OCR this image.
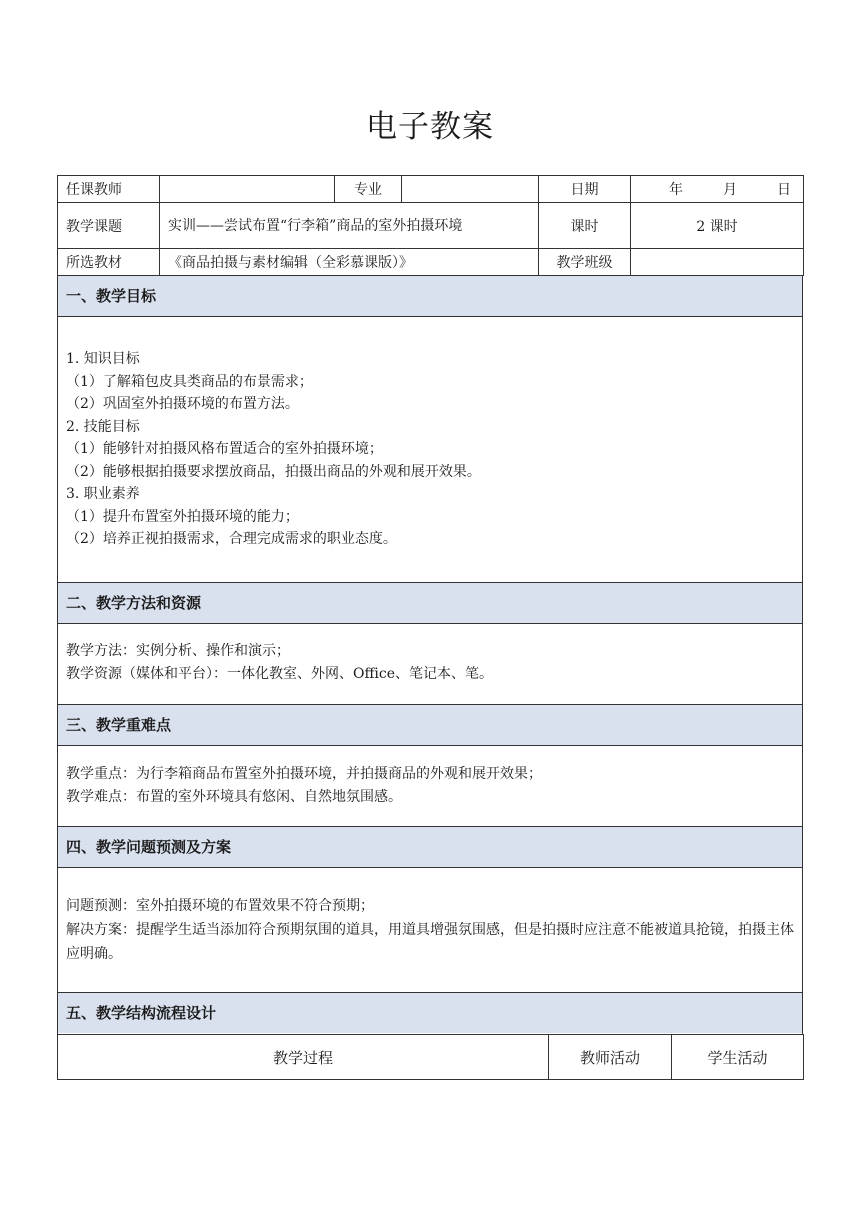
电子教案
任课教师		专业		日期	年 月 日

教学课题	实训——尝试布置“行李箱”商品的室外拍摄环境			课时	2 课时
所选教材	《商品拍摄与素材编辑（全彩慕课版）》			教学班级	
一、教学目标
1. 知识目标
（1）了解箱包皮具类商品的布景需求；
（2）巩固室外拍摄环境的布置方法。
2. 技能目标
（1）能够针对拍摄风格布置适合的室外拍摄环境；
（2）能够根据拍摄要求摆放商品，拍摄出商品的外观和展开效果。
3. 职业素养
（1）提升布置室外拍摄环境的能力；
（2）培养正视拍摄需求，合理完成需求的职业态度。
二、教学方法和资源
教学方法：实例分析、操作和演示；
教学资源（媒体和平台）：一体化教室、外网、Office、笔记本、笔。
三、教学重难点
教学重点：为行李箱商品布置室外拍摄环境，并拍摄商品的外观和展开效果；
教学难点：布置的室外环境具有悠闲、自然地氛围感。
四、教学问题预测及方案
问题预测：室外拍摄环境的布置效果不符合预期；
解决方案：提醒学生适当添加符合预期氛围的道具，用道具增强氛围感，但是拍摄时应注意不能被道具抢镜，拍摄主体应明确。
五、教学结构流程设计
教学过程	教师活动	学生活动
